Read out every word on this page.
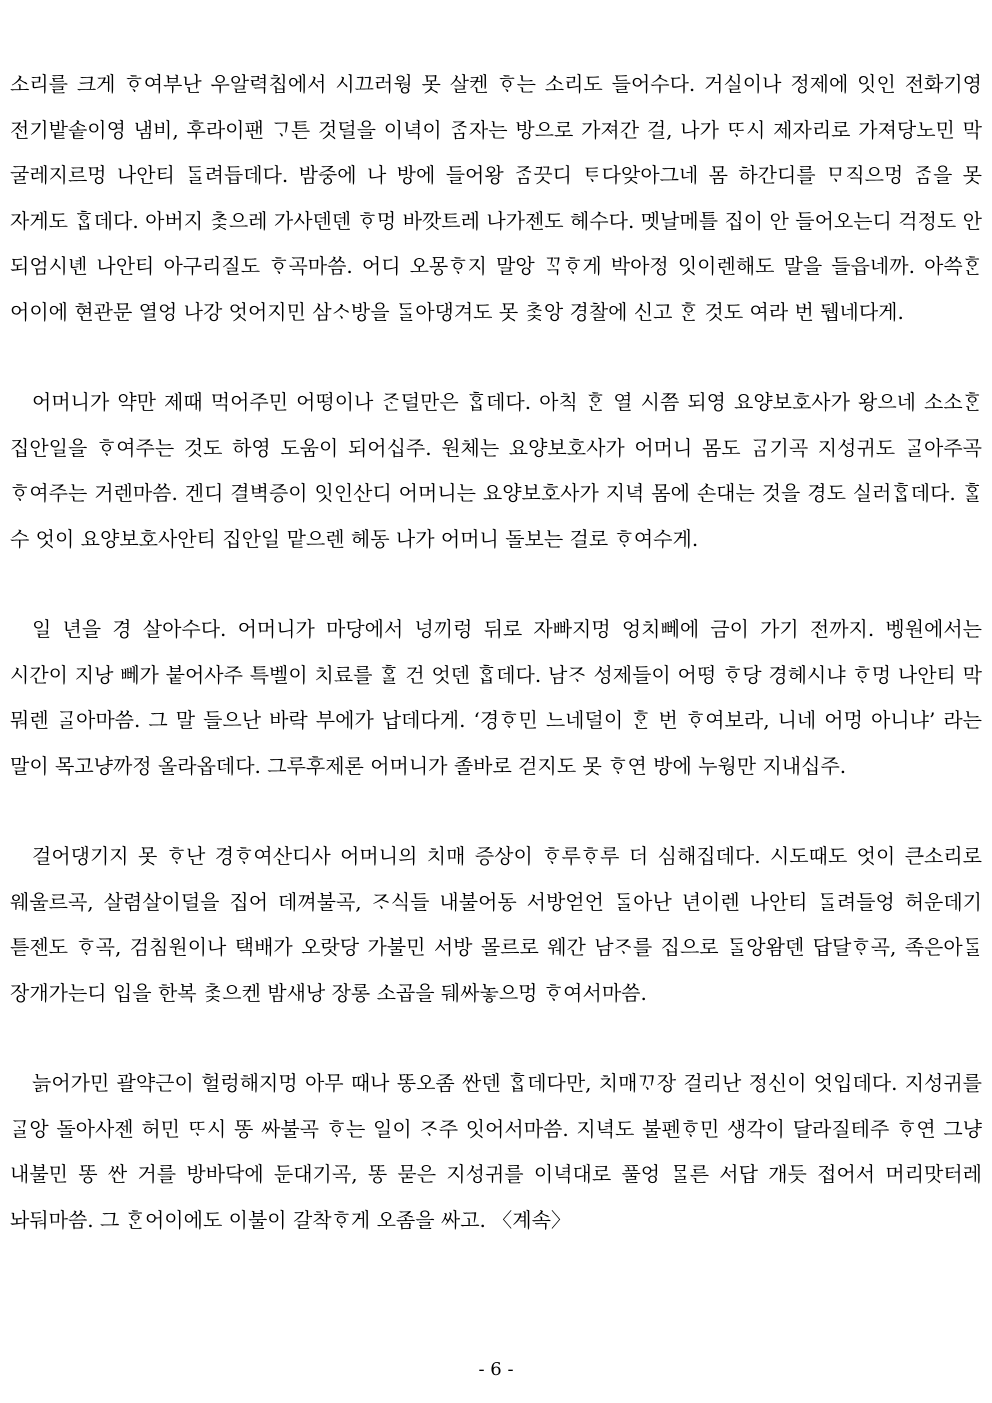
소리를 크게 ᄒᆞ여부난 우알력칩에서 시끄러웡 못 살켄 ᄒᆞ는 소리도 들어수다. 거실이나 정제에 잇인 전화기영 전기밭솥이영 냄비, 후라이팬 ᄀᆞ튼 것덜을 이녁이 ᄌᆞᆷ자는 방으로 가져간 걸, 나가 ᄄᆞ시 제자리로 가져당노민 막 굴레지르멍 나안티 ᄃᆞᆯ려듭데다. 밤중에 나 방에 들어왕 ᄌᆞᆷ끗디 ᄐᆞ다앚아그네 몸 하간디를 ᄆᆞ직으멍 ᄌᆞᆷ을 못 자게도 ᄒᆞᆸ데다. 아버지 ᄎᆞᆽ으레 가사덴덴 ᄒᆞ멍 바깟트레 나가젠도 헤수다. 멧날메틀 집이 안 들어오는디 걱정도 안 되엄시녠 나안티 아구리질도 ᄒᆞ곡마씀. 어디 오몽ᄒᆞ지 말앙 ᄁᆞᆨᄒᆞ게 박아정 잇이렌해도 말을 들읍네까. 아쓱ᄒᆞᆫ 어이에 현관문 열엉 나강 엇어지민 삼ᄉᆞ방을 ᄃᆞᆯ아댕겨도 못 ᄎᆞᆽ앙 경찰에 신고 ᄒᆞᆫ 것도 여라 번 뒙네다게.

어머니가 약만 제때 먹어주민 어떵이나 ᄌᆞᆫ덜만은 ᄒᆞᆸ데다. 아칙 ᄒᆞᆫ 열 시쯤 되영 요양보호사가 왕으네 소소ᄒᆞᆫ 집안일을 ᄒᆞ여주는 것도 하영 도움이 되어십주. 원체는 요양보호사가 어머니 몸도 ᄀᆞᆷ기곡 지성귀도 ᄀᆞᆯ아주곡 ᄒᆞ여주는 거렌마씀. 겐디 결벽증이 잇인산디 어머니는 요양보호사가 지녁 몸에 손대는 것을 경도 실러ᄒᆞᆸ데다. ᄒᆞᆯ 수 엇이 요양보호사안티 집안일 맡으렌 헤동 나가 어머니 돌보는 걸로 ᄒᆞ여수게.

일 년을 경 살아수다. 어머니가 마당에서 넝끼렁 뒤로 자빠지멍 엉치뻬에 금이 가기 전까지. 벵원에서는 시간이 지낭 뻬가 붙어사주 특벨이 치료를 ᄒᆞᆯ 건 엇덴 ᄒᆞᆸ데다. 남ᄌᆞ 성제들이 어떵 ᄒᆞ당 경헤시냐 ᄒᆞ멍 나안티 막 뭐렌 ᄀᆞᆯ아마씀. 그 말 들으난 바락 부에가 납데다게. ‘경ᄒᆞ민 느네덜이 ᄒᆞᆫ 번 ᄒᆞ여보라, 니네 어멍 아니냐’ 라는 말이 목고냥까정 올라옵데다. 그루후제론 어머니가 졸바로 걷지도 못 ᄒᆞ연 방에 누웡만 지내십주.

걸어댕기지 못 ᄒᆞ난 경ᄒᆞ여산디사 어머니의 치매 증상이 ᄒᆞ루ᄒᆞ루 더 심해집데다. 시도때도 엇이 큰소리로 웨울르곡, 살렴살이덜을 집어 데껴불곡, ᄌᆞ식들 내불어동 서방얻언 ᄃᆞᆯ아난 년이렌 나안티 ᄃᆞᆯ려들엉 허운데기 튿젠도 ᄒᆞ곡, 검침원이나 택배가 오랏당 가불민 서방 몰르로 웨간 남ᄌᆞ를 집으로 ᄃᆞᆯ앙왐덴 답달ᄒᆞ곡, 족은아ᄃᆞᆯ 장개가는디 입을 한복 ᄎᆞᆽ으켄 밤새낭 장롱 소곱을 뒈싸놓으멍 ᄒᆞ여서마씀.

늙어가민 괄약근이 헐렁해지멍 아무 때나 똥오좀 싼덴 ᄒᆞᆸ데다만, 치매ᄁᆞ장 걸리난 정신이 엇입데다. 지성귀를 ᄀᆞᆯ앙 돌아사젠 허민 ᄄᆞ시 똥 싸불곡 ᄒᆞ는 일이 ᄌᆞ주 잇어서마씀. 지녁도 불펜ᄒᆞ민 생각이 달라질테주 ᄒᆞ연 그냥 내불민 똥 싼 거를 방바닥에 둔대기곡, 똥 묻은 지성귀를 이녁대로 풀엉 ᄆᆞᆯ른 서답 개듯 접어서 머리맛터레 놔둬마씀. 그 ᄒᆞᆫ어이에도 이불이 갈착ᄒᆞ게 오좀을 싸고. 〈계속〉

- 6 -
